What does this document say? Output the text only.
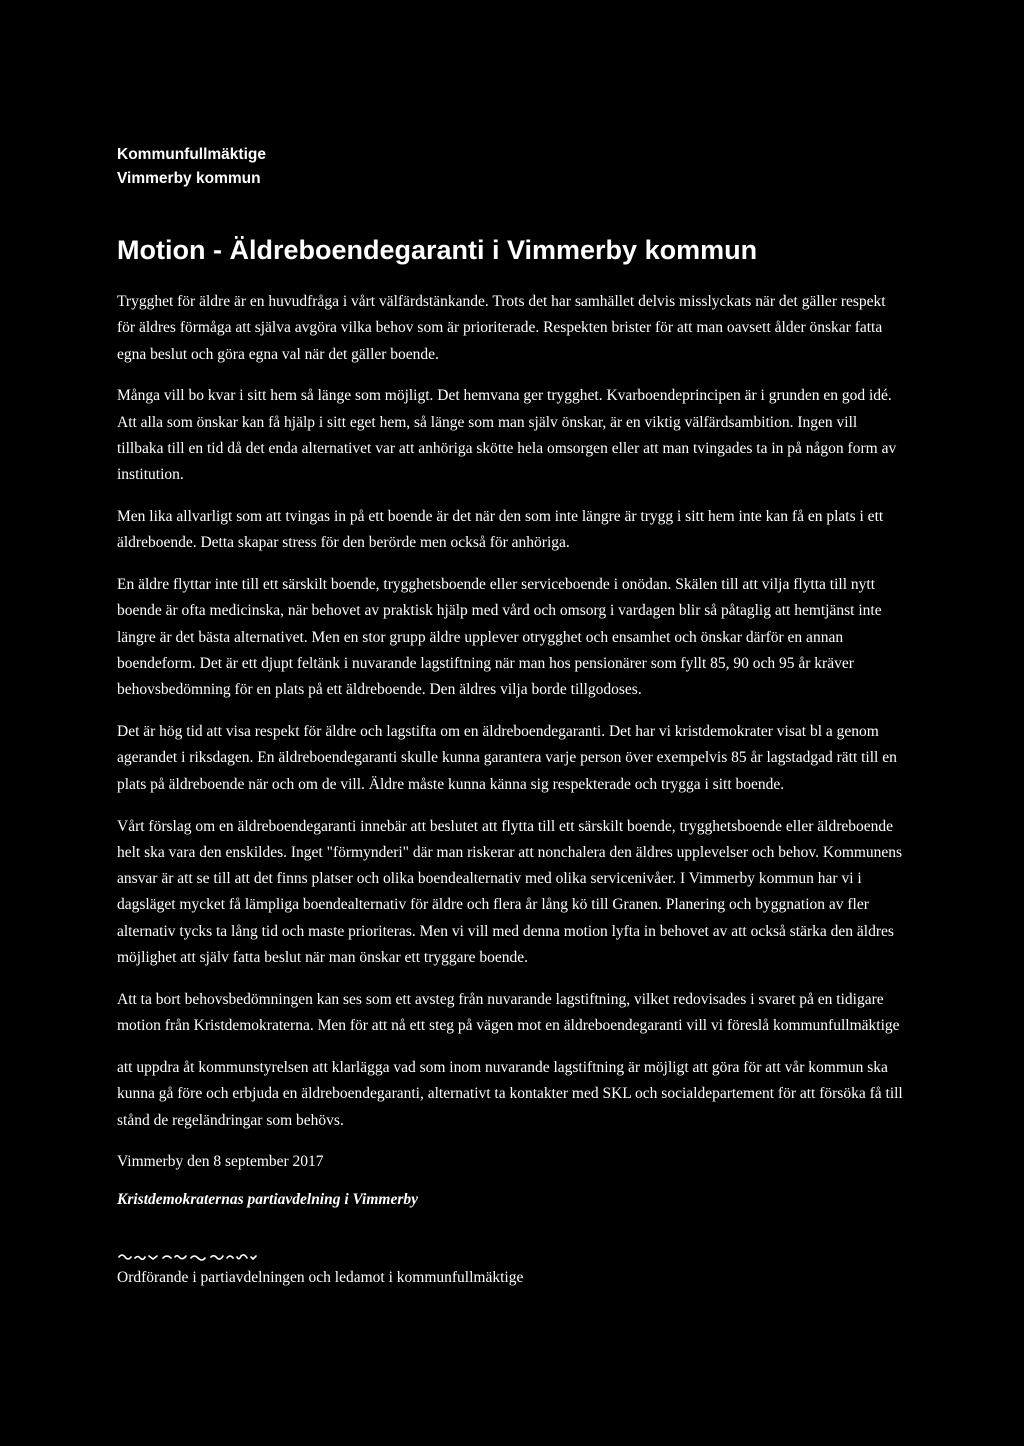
Kommunfullmäktige

Vimmerby kommun

Motion - Äldreboendegaranti i Vimmerby kommun

Trygghet för äldre är en huvudfråga i vårt välfärdstänkande. Trots det har samhället delvis misslyckats när det gäller respekt för äldres förmåga att själva avgöra vilka behov som är prioriterade. Respekten brister för att man oavsett ålder önskar fatta egna beslut och göra egna val när det gäller boende.

Många vill bo kvar i sitt hem så länge som möjligt. Det hemvana ger trygghet. Kvarboendeprincipen är i grunden en god idé. Att alla som önskar kan få hjälp i sitt eget hem, så länge som man själv önskar, är en viktig välfärdsambition. Ingen vill tillbaka till en tid då det enda alternativet var att anhöriga skötte hela omsorgen eller att man tvingades ta in på någon form av institution.

Men lika allvarligt som att tvingas in på ett boende är det när den som inte längre är trygg i sitt hem inte kan få en plats i ett äldreboende. Detta skapar stress för den berörde men också för anhöriga.

En äldre flyttar inte till ett särskilt boende, trygghetsboende eller serviceboende i onödan. Skälen till att vilja flytta till nytt boende är ofta medicinska, när behovet av praktisk hjälp med vård och omsorg i vardagen blir så påtaglig att hemtjänst inte längre är det bästa alternativet. Men en stor grupp äldre upplever otrygghet och ensamhet och önskar därför en annan boendeform. Det är ett djupt feltänk i nuvarande lagstiftning när man hos pensionärer som fyllt 85, 90 och 95 år kräver behovsbedömning för en plats på ett äldreboende. Den äldres vilja borde tillgodoses.

Det är hög tid att visa respekt för äldre och lagstifta om en äldreboendegaranti. Det har vi kristdemokrater visat bl a genom agerandet i riksdagen. En äldreboendegaranti skulle kunna garantera varje person över exempelvis 85 år lagstadgad rätt till en plats på äldreboende när och om de vill. Äldre måste kunna känna sig respekterade och trygga i sitt boende.

Vårt förslag om en äldreboendegaranti innebär att beslutet att flytta till ett särskilt boende, trygghetsboende eller äldreboende helt ska vara den enskildes. Inget "förmynderi" där man riskerar att nonchalera den äldres upplevelser och behov. Kommunens ansvar är att se till att det finns platser och olika boendealternativ med olika servicenivåer. I Vimmerby kommun har vi i dagsläget mycket få lämpliga boendealternativ för äldre och flera år lång kö till Granen. Planering och byggnation av fler alternativ tycks ta lång tid och maste prioriteras. Men vi vill med denna motion lyfta in behovet av att också stärka den äldres möjlighet att själv fatta beslut när man önskar ett tryggare boende.

Att ta bort behovsbedömningen kan ses som ett avsteg från nuvarande lagstiftning, vilket redovisades i svaret på en tidigare motion från Kristdemokraterna. Men för att nå ett steg på vägen mot en äldreboendegaranti vill vi föreslå kommunfullmäktige

att uppdra åt kommunstyrelsen att klarlägga vad som inom nuvarande lagstiftning är möjligt att göra för att vår kommun ska kunna gå före och erbjuda en äldreboendegaranti, alternativt ta kontakter med SKL och socialdepartement för att försöka få till stånd de regeländringar som behövs.

Vimmerby den 8 september 2017

Kristdemokraternas partiavdelning i Vimmerby

Ordförande i partiavdelningen och ledamot i kommunfullmäktige
